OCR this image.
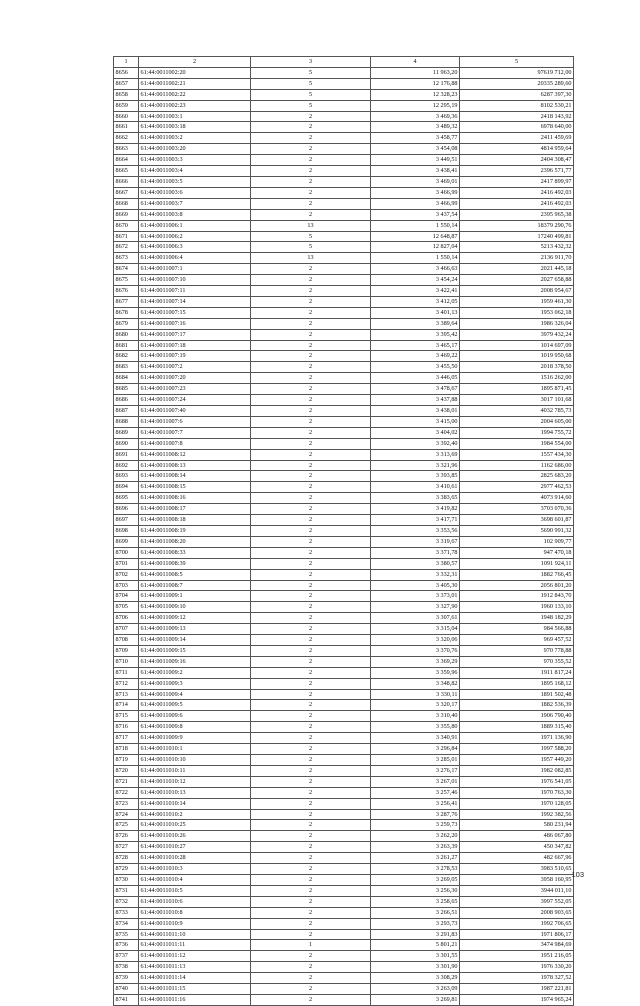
1	2	3	4	5
8656	61:44:0011002:20	5	11 963,20	97619 712,00
8657	61:44:0011002:21	5	12 176,88	20335 289,60
8658	61:44:0011002:22	5	12 328,23	6287 397,30
8659	61:44:0011002:23	5	12 295,19	8102 530,21
8660	61:44:0011003:1	2	3 469,36	2418 143,92
8661	61:44:0011003:18	2	3 489,32	6978 640,00
8662	61:44:0011003:2	2	3 458,77	2411 459,69
8663	61:44:0011003:20	2	3 454,08	4814 959,64
8664	61:44:0011003:3	2	3 449,51	2404 308,47
8665	61:44:0011003:4	2	3 438,41	2396 571,77
8666	61:44:0011003:5	2	3 469,01	2417 899,97
8667	61:44:0011003:6	2	3 466,99	2416 492,03
8668	61:44:0011003:7	2	3 466,99	2416 492,03
8669	61:44:0011003:8	2	3 437,54	2395 965,38
8670	61:44:0011006:1	13	1 550,14	18379 290,76
8671	61:44:0011006:2	5	12 648,87	17240 499,81
8672	61:44:0011006:3	5	12 827,04	5213 432,32
8673	61:44:0011006:4	13	1 550,14	2136 911,70
8674	61:44:0011007:1	2	3 466,63	2021 445,18
8675	61:44:0011007:10	2	3 454,24	2027 658,88
8676	61:44:0011007:11	2	3 422,41	2008 954,67
8677	61:44:0011007:14	2	3 412,05	1959 461,30
8678	61:44:0011007:15	2	3 401,13	1953 062,18
8679	61:44:0011007:16	2	3 389,64	1986 326,04
8680	61:44:0011007:17	2	3 395,42	3979 432,24
8681	61:44:0011007:18	2	3 465,17	1014 697,09
8682	61:44:0011007:19	2	3 469,22	1019 950,68
8683	61:44:0011007:2	2	3 455,50	2018 378,50
8684	61:44:0011007:20	2	3 446,05	1516 262,00
8685	61:44:0011007:23	2	3 478,67	1895 871,45
8686	61:44:0011007:24	2	3 437,88	3017 101,68
8687	61:44:0011007:40	2	3 438,01	4032 785,73
8688	61:44:0011007:6	2	3 415,00	2004 605,00
8689	61:44:0011007:7	2	3 404,02	1994 755,72
8690	61:44:0011007:8	2	3 392,40	1984 554,00
8691	61:44:0011008:12	2	3 313,69	1557 434,30
8692	61:44:0011008:13	2	3 321,96	1162 686,00
8693	61:44:0011008:14	2	3 393,85	2825 683,20
8694	61:44:0011008:15	2	3 410,61	2977 462,53
8695	61:44:0011008:16	2	3 383,65	4073 914,60
8696	61:44:0011008:17	2	3 419,82	3703 070,36
8697	61:44:0011008:18	2	3 417,71	3698 601,87
8698	61:44:0011008:19	2	3 353,56	5690 991,32
8699	61:44:0011008:20	2	3 319,67	102 909,77
8700	61:44:0011008:33	2	3 371,78	947 470,18
8701	61:44:0011008:39	2	3 380,57	1091 924,11
8702	61:44:0011008:5	2	3 332,31	1882 766,45
8703	61:44:0011008:7	2	3 405,30	2056 801,20
8704	61:44:0011009:1	2	3 373,01	1912 843,70
8705	61:44:0011009:10	2	3 327,90	1960 133,10
8706	61:44:0011009:12	2	3 307,61	1948 182,29
8707	61:44:0011009:13	2	3 315,04	984 566,88
8708	61:44:0011009:14	2	3 320,06	969 457,52
8709	61:44:0011009:15	2	3 370,76	970 778,88
8710	61:44:0011009:16	2	3 369,29	970 355,52
8711	61:44:0011009:2	2	3 359,96	1911 817,24
8712	61:44:0011009:3	2	3 348,82	1895 168,12
8713	61:44:0011009:4	2	3 330,11	1891 502,48
8714	61:44:0011009:5	2	3 320,17	1882 536,39
8715	61:44:0011009:6	2	3 310,40	1906 790,40
8716	61:44:0011009:8	2	3 355,80	1889 315,40
8717	61:44:0011009:9	2	3 340,91	1971 136,90
8718	61:44:0011010:1	2	3 296,84	1997 588,20
8719	61:44:0011010:10	2	3 285,01	1957 449,20
8720	61:44:0011010:11	2	3 276,17	1982 082,85
8721	61:44:0011010:12	2	3 267,01	1976 541,05
8722	61:44:0011010:13	2	3 257,46	1970 763,30
8723	61:44:0011010:14	2	3 256,41	1970 128,05
8724	61:44:0011010:2	2	3 287,76	1992 382,56
8725	61:44:0011010:25	2	3 259,73	580 231,94
8726	61:44:0011010:26	2	3 262,20	486 067,80
8727	61:44:0011010:27	2	3 263,39	450 347,82
8728	61:44:0011010:28	2	3 261,27	482 667,96
8729	61:44:0011010:3	2	3 278,53	3983 510,65
8730	61:44:0011010:4	2	3 269,05	3958 160,95
8731	61:44:0011010:5	2	3 256,30	3944 011,10
8732	61:44:0011010:6	2	3 258,65	3997 552,05
8733	61:44:0011010:8	2	3 266,51	2008 903,65
8734	61:44:0011010:9	2	3 293,73	1992 706,65
8735	61:44:0011011:10	2	3 291,83	1971 806,17
8736	61:44:0011011:11	1	5 801,21	3474 984,69
8737	61:44:0011011:12	2	3 301,55	1951 216,05
8738	61:44:0011011:13	2	3 301,90	1976 330,20
8739	61:44:0011011:14	2	3 308,29	1978 327,52
8740	61:44:0011011:15	2	3 263,09	1987 221,81
8741	61:44:0011011:16	2	3 269,81	1974 965,24
103
